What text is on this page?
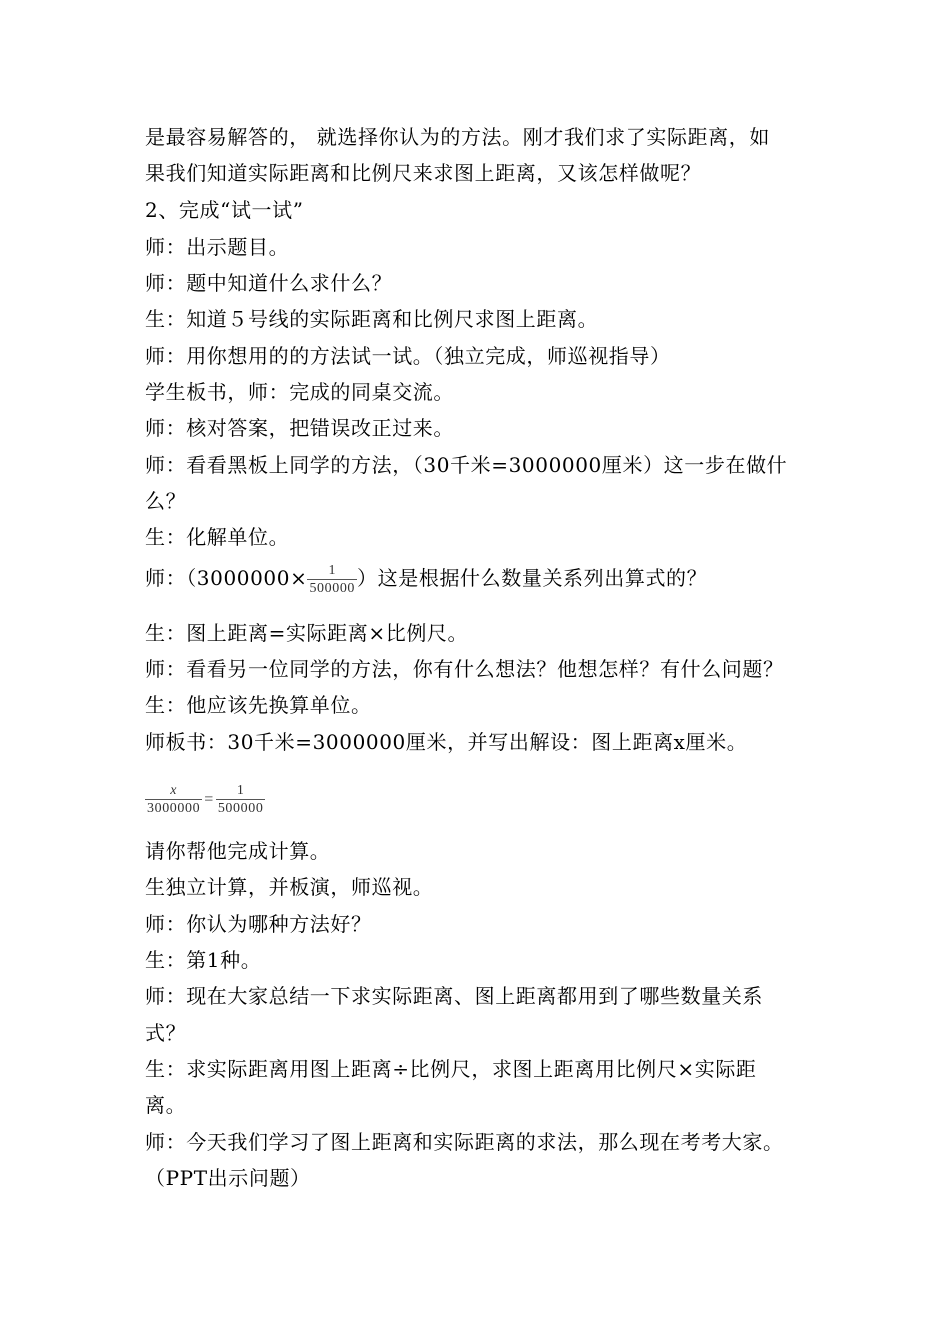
是最容易解答的， 就选择你认为的方法。刚才我们求了实际距离，如
果我们知道实际距离和比例尺来求图上距离，又该怎样做呢？
2、完成“试一试”
师：出示题目。
师：题中知道什么求什么？
生：知道５号线的实际距离和比例尺求图上距离。
师：用你想用的的方法试一试。（独立完成，师巡视指导）
学生板书，师：完成的同桌交流。
师：核对答案，把错误改正过来。
师：看看黑板上同学的方法，（30千米=3000000厘米）这一步在做什
么？
生：化解单位。
师：（$3000000\times \frac{1}{500000}$ ）这是根据什么数量关系列出算式的？
生：图上距离=实际距离×比例尺。
师：看看另一位同学的方法，你有什么想法？他想怎样？有什么问题？
生：他应该先换算单位。
师板书：30千米=3000000厘米，并写出解设：图上距离x厘米。
$\frac{x}{3000000} = \frac{1}{500000}$
请你帮他完成计算。
生独立计算，并板演，师巡视。
师：你认为哪种方法好？
生：第1种。
师：现在大家总结一下求实际距离、图上距离都用到了哪些数量关系
式？
生：求实际距离用图上距离÷比例尺，求图上距离用比例尺×实际距
离。
师：今天我们学习了图上距离和实际距离的求法，那么现在考考大家。
（PPT出示问题）
